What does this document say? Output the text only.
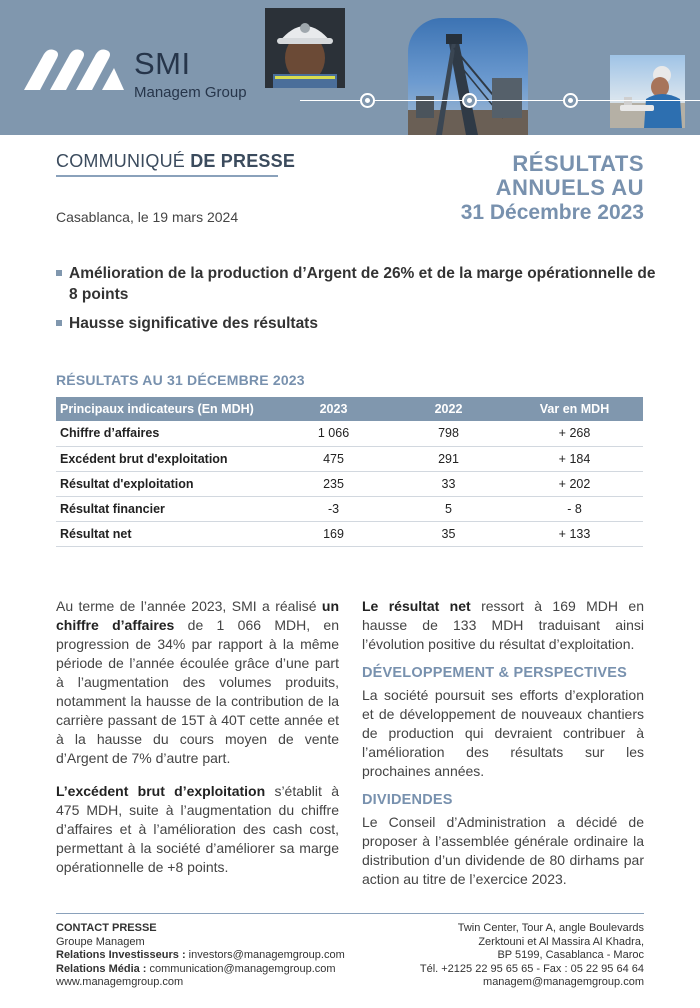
SMI
Managem Group
COMMUNIQUÉ DE PRESSE
Casablanca, le 19 mars 2024
RÉSULTATS
ANNUELS AU
31 Décembre 2023
Amélioration de la production d’Argent de 26% et de la marge opérationnelle de 8 points
Hausse significative des résultats
RÉSULTATS AU 31 DÉCEMBRE 2023
Principaux indicateurs (En MDH)	2023	2022	Var en MDH
Chiffre d’affaires	1 066	798	+ 268
Excédent brut d'exploitation	475	291	+ 184
Résultat d'exploitation	235	33	+ 202
Résultat financier	-3	5	- 8
Résultat net	169	35	+ 133

Au terme de l’année 2023, SMI a réalisé un chiffre d’affaires de 1 066 MDH, en progression de 34% par rapport à la même période de l’année écoulée grâce d’une part à l’augmentation des volumes produits, notamment la hausse de la contribution de la carrière passant de 15T à 40T cette année et à la hausse du cours moyen de vente d’Argent de 7% d’autre part.

L’excédent brut d’exploitation s’établit à 475 MDH, suite à l’augmentation du chiffre d’affaires et à l’amélioration des cash cost, permettant à la société d’améliorer sa marge opérationnelle de +8 points.

Le résultat net ressort à 169 MDH en hausse de 133 MDH traduisant ainsi l’évolution positive du résultat d’exploitation.

DÉVELOPPEMENT & PERSPECTIVES

La société poursuit ses efforts d’exploration et de développement de nouveaux chantiers de production qui devraient contribuer à l’amélioration des résultats sur les prochaines années.

DIVIDENDES

Le Conseil d’Administration a décidé de proposer à l’assemblée générale ordinaire la distribution d’un dividende de 80 dirhams par action au titre de l’exercice 2023.

CONTACT PRESSE
Groupe Managem
Relations Investisseurs : investors@managemgroup.com
Relations Média : communication@managemgroup.com
www.managemgroup.com
Twin Center, Tour A, angle Boulevards
Zerktouni et Al Massira Al Khadra,
BP 5199, Casablanca - Maroc
Tél. +2125 22 95 65 65 - Fax : 05 22 95 64 64
managem@managemgroup.com
